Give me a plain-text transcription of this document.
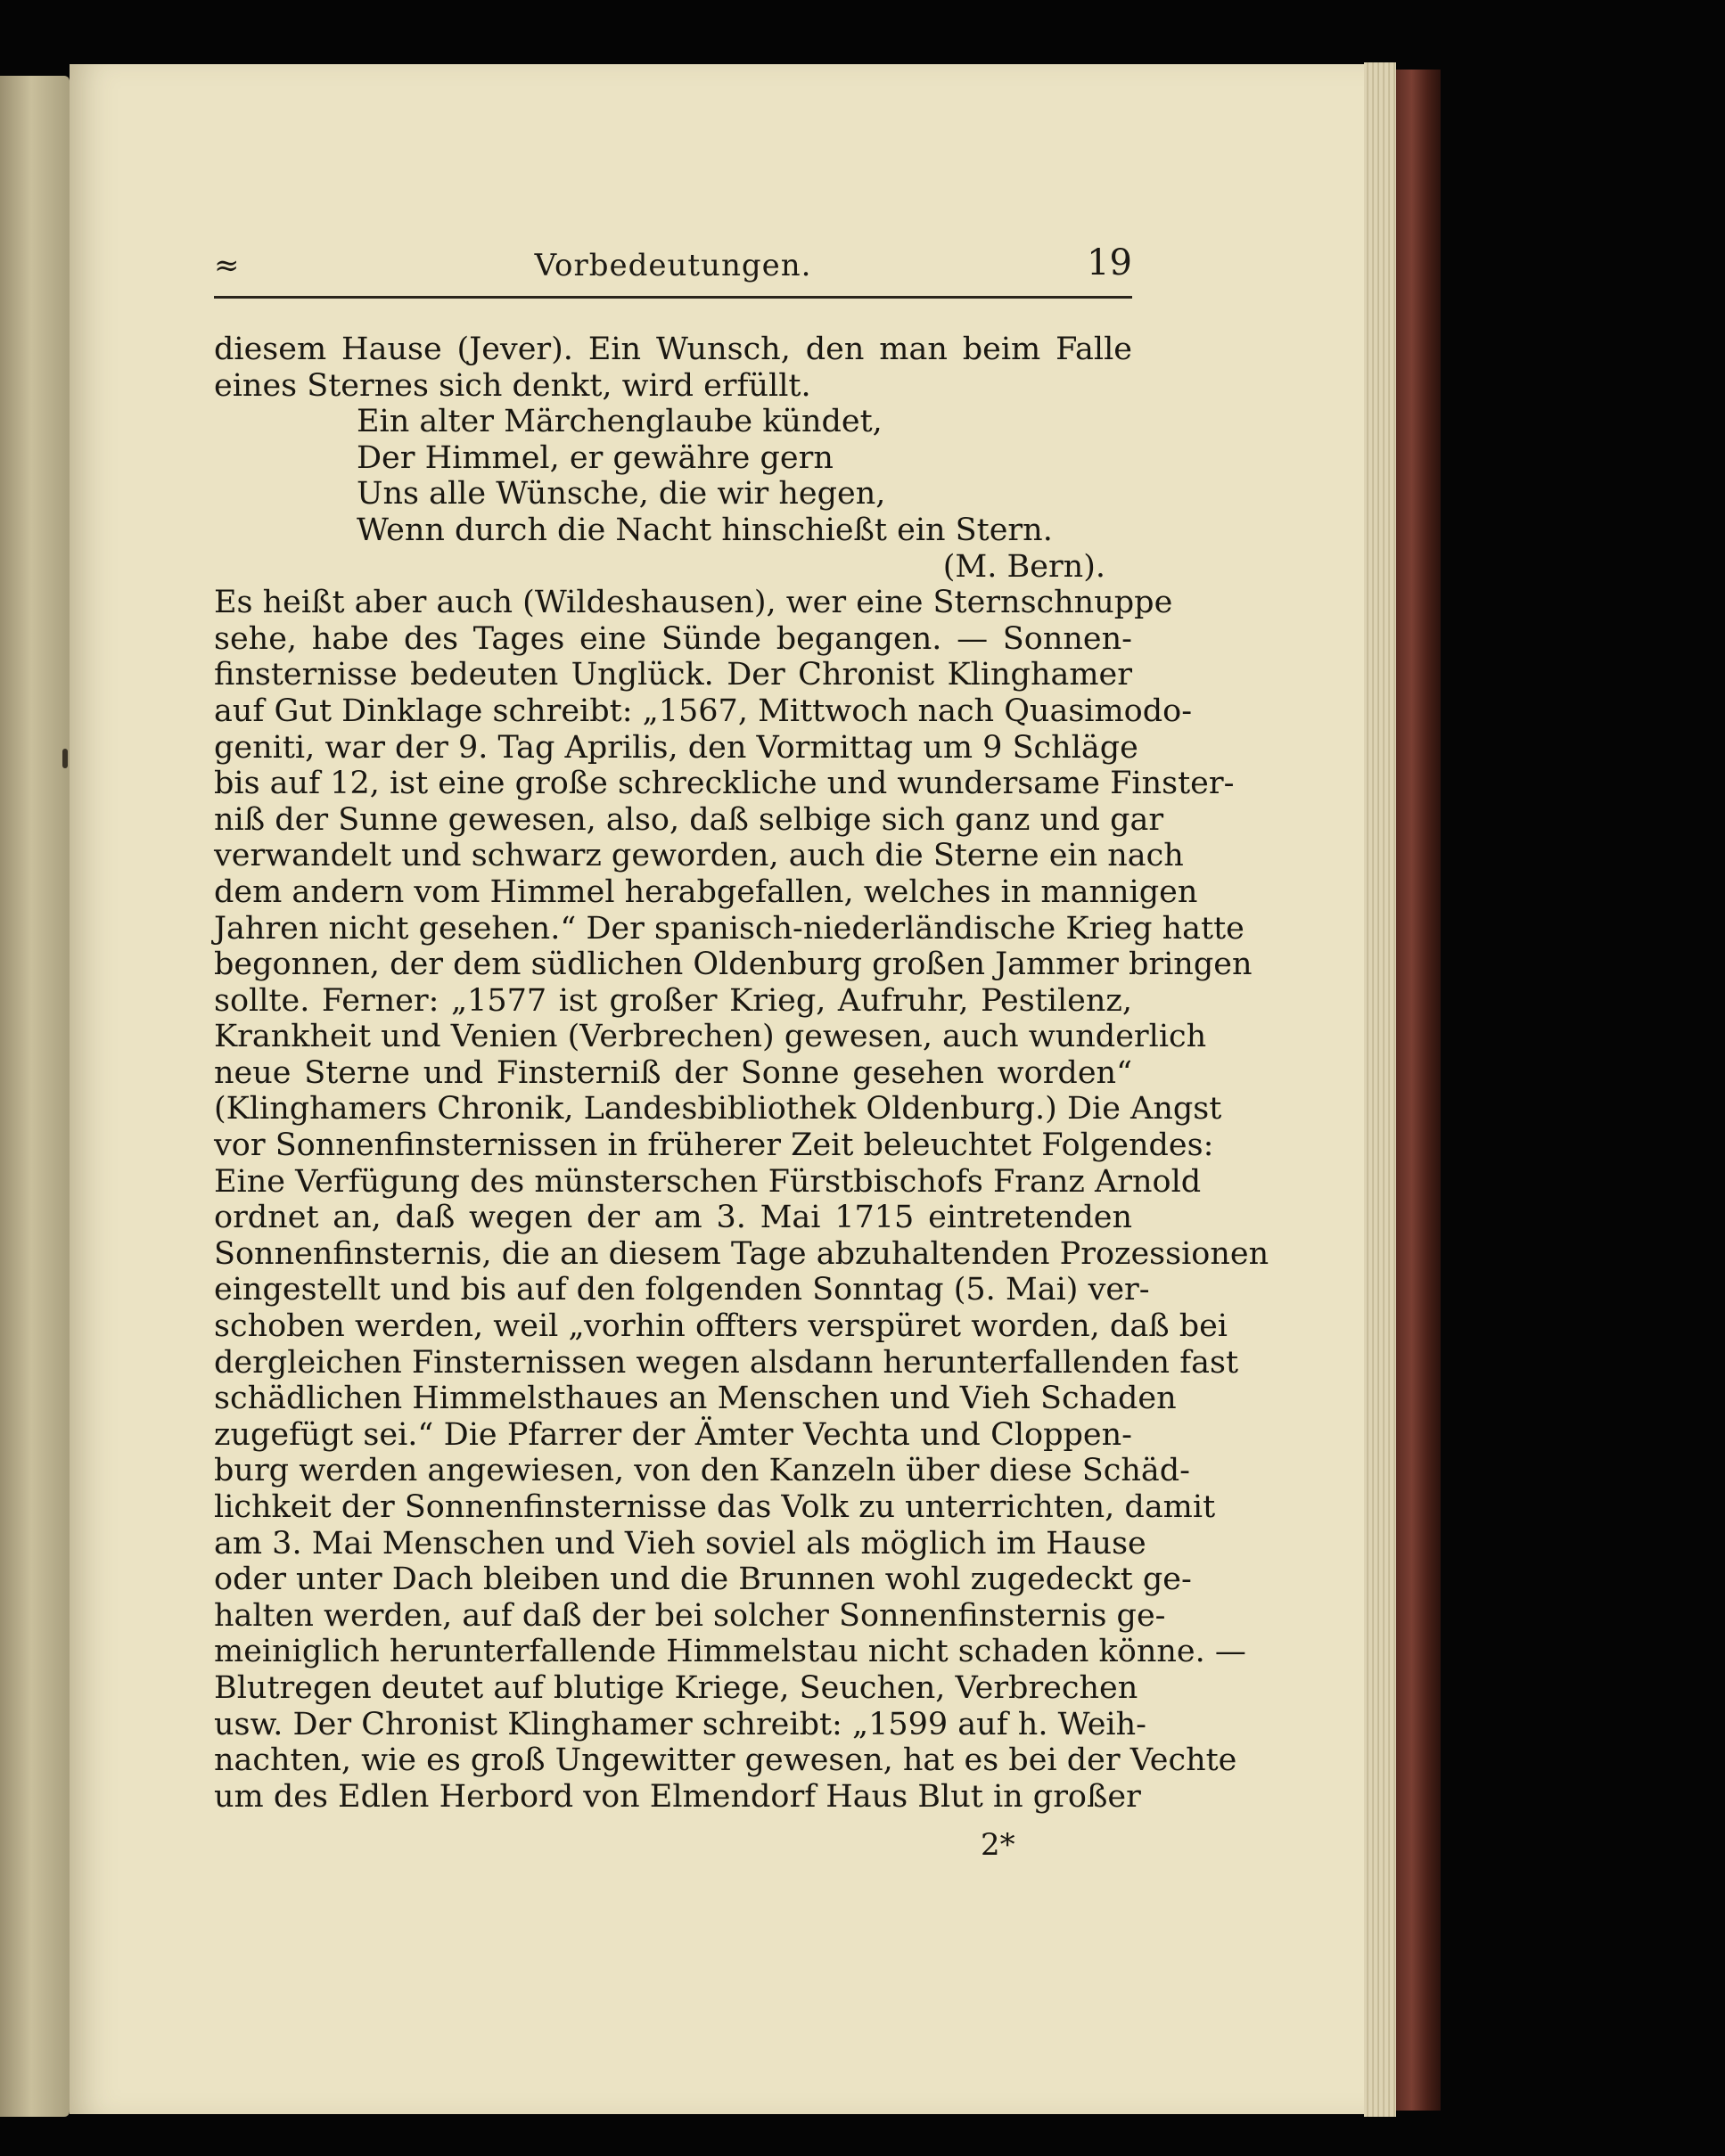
≈	Vorbedeutungen.	19
diesem Hause (Jever). Ein Wunsch, den man beim Falle
eines Sternes sich denkt, wird erfüllt.
Ein alter Märchenglaube kündet,
Der Himmel, er gewähre gern
Uns alle Wünsche, die wir hegen,
Wenn durch die Nacht hinschießt ein Stern.
(M. Bern).
Es heißt aber auch (Wildeshausen), wer eine Sternschnuppe
sehe, habe des Tages eine Sünde begangen. — Sonnen-
finsternisse bedeuten Unglück. Der Chronist Klinghamer
auf Gut Dinklage schreibt: „1567, Mittwoch nach Quasimodo-
geniti, war der 9. Tag Aprilis, den Vormittag um 9 Schläge
bis auf 12, ist eine große schreckliche und wundersame Finster-
niß der Sunne gewesen, also, daß selbige sich ganz und gar
verwandelt und schwarz geworden, auch die Sterne ein nach
dem andern vom Himmel herabgefallen, welches in mannigen
Jahren nicht gesehen.“ Der spanisch-niederländische Krieg hatte
begonnen, der dem südlichen Oldenburg großen Jammer bringen
sollte. Ferner: „1577 ist großer Krieg, Aufruhr, Pestilenz,
Krankheit und Venien (Verbrechen) gewesen, auch wunderlich
neue Sterne und Finsterniß der Sonne gesehen worden“
(Klinghamers Chronik, Landesbibliothek Oldenburg.) Die Angst
vor Sonnenfinsternissen in früherer Zeit beleuchtet Folgendes:
Eine Verfügung des münsterschen Fürstbischofs Franz Arnold
ordnet an, daß wegen der am 3. Mai 1715 eintretenden
Sonnenfinsternis, die an diesem Tage abzuhaltenden Prozessionen
eingestellt und bis auf den folgenden Sonntag (5. Mai) ver-
schoben werden, weil „vorhin offters verspüret worden, daß bei
dergleichen Finsternissen wegen alsdann herunterfallenden fast
schädlichen Himmelsthaues an Menschen und Vieh Schaden
zugefügt sei.“ Die Pfarrer der Ämter Vechta und Cloppen-
burg werden angewiesen, von den Kanzeln über diese Schäd-
lichkeit der Sonnenfinsternisse das Volk zu unterrichten, damit
am 3. Mai Menschen und Vieh soviel als möglich im Hause
oder unter Dach bleiben und die Brunnen wohl zugedeckt ge-
halten werden, auf daß der bei solcher Sonnenfinsternis ge-
meiniglich herunterfallende Himmelstau nicht schaden könne. —
Blutregen deutet auf blutige Kriege, Seuchen, Verbrechen
usw. Der Chronist Klinghamer schreibt: „1599 auf h. Weih-
nachten, wie es groß Ungewitter gewesen, hat es bei der Vechte
um des Edlen Herbord von Elmendorf Haus Blut in großer
2*
